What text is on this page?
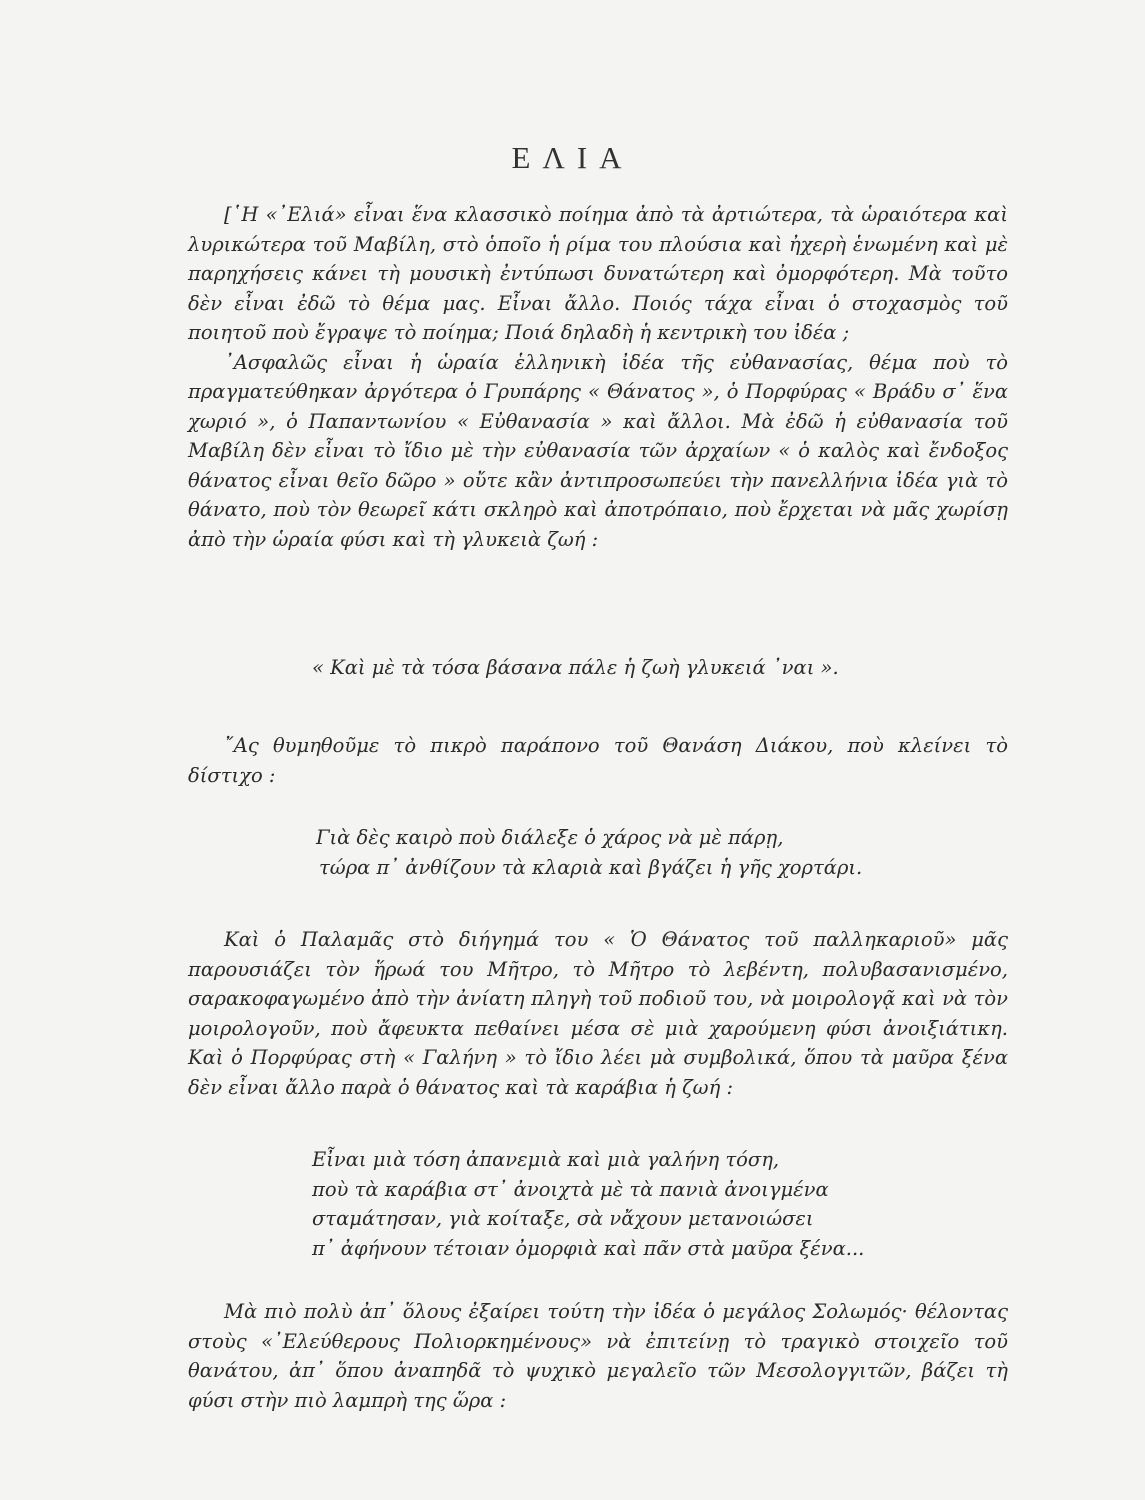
ΕΛΙΑ

[῾Η «᾿Ελιά» εἶναι ἕνα κλασσικὸ ποίημα ἀπὸ τὰ ἀρτιώτερα, τὰ ὡραιότερα καὶ λυρικώτερα τοῦ Μαβίλη, στὸ ὁποῖο ἡ ρίμα του πλούσια καὶ ἠχερὴ ἑνωμένη καὶ μὲ παρηχήσεις κάνει τὴ μουσικὴ ἐντύπωσι δυνατώτερη καὶ ὀμορφότερη. Μὰ τοῦτο δὲν εἶναι ἐδῶ τὸ θέμα μας. Εἶναι ἄλλο. Ποιός τάχα εἶναι ὁ στοχασμὸς τοῦ ποιητοῦ ποὺ ἔγραψε τὸ ποίημα; Ποιά δηλαδὴ ἡ κεντρικὴ του ἰδέα ;

᾿Ασφαλῶς εἶναι ἡ ὡραία ἑλληνικὴ ἰδέα τῆς εὐθανασίας, θέμα ποὺ τὸ πραγματεύθηκαν ἀργότερα ὁ Γρυπάρης « Θάνατος », ὁ Πορφύρας « Βράδυ σ᾿ ἕνα χωριό », ὁ Παπαντωνίου « Εὐθανασία » καὶ ἄλλοι. Μὰ ἐδῶ ἡ εὐθανασία τοῦ Μαβίλη δὲν εἶναι τὸ ἴδιο μὲ τὴν εὐθανασία τῶν ἀρχαίων « ὁ καλὸς καὶ ἔνδοξος θάνατος εἶναι θεῖο δῶρο » οὔτε κἂν ἀντιπροσωπεύει τὴν πανελλήνια ἰδέα γιὰ τὸ θάνατο, ποὺ τὸν θεωρεῖ κάτι σκληρὸ καὶ ἀποτρόπαιο, ποὺ ἔρχεται νὰ μᾶς χωρίσῃ ἀπὸ τὴν ὡραία φύσι καὶ τὴ γλυκειὰ ζωή :

« Καὶ μὲ τὰ τόσα βάσανα πάλε ἡ ζωὴ γλυκειά ᾿ναι ».

῎Ας θυμηθοῦμε τὸ πικρὸ παράπονο τοῦ Θανάση Διάκου, ποὺ κλείνει τὸ δίστιχο :

Γιὰ δὲς καιρὸ ποὺ διάλεξε ὁ χάρος νὰ μὲ πάρῃ,
τώρα π᾿ ἀνθίζουν τὰ κλαριὰ καὶ βγάζει ἡ γῆς χορτάρι.

Καὶ ὁ Παλαμᾶς στὸ διήγημά του « Ὁ Θάνατος τοῦ παλληκαριοῦ» μᾶς παρουσιάζει τὸν ἥρωά του Μῆτρο, τὸ Μῆτρο τὸ λεβέντη, πολυβασανισμένο, σαρακοφαγωμένο ἀπὸ τὴν ἀνίατη πληγὴ τοῦ ποδιοῦ του, νὰ μοιρολογᾷ καὶ νὰ τὸν μοιρολογοῦν, ποὺ ἄφευκτα πεθαίνει μέσα σὲ μιὰ χαρούμενη φύσι ἀνοιξιάτικη. Καὶ ὁ Πορφύρας στὴ « Γαλήνη » τὸ ἴδιο λέει μὰ συμβολικά, ὅπου τὰ μαῦρα ξένα δὲν εἶναι ἄλλο παρὰ ὁ θάνατος καὶ τὰ καράβια ἡ ζωή :

Εἶναι μιὰ τόση ἀπανεμιὰ καὶ μιὰ γαλήνη τόση,
ποὺ τὰ καράβια στ᾿ ἀνοιχτὰ μὲ τὰ πανιὰ ἀνοιγμένα
σταμάτησαν, γιὰ κοίταξε, σὰ νἄχουν μετανοιώσει
π᾿ ἀφήνουν τέτοιαν ὀμορφιὰ καὶ πᾶν στὰ μαῦρα ξένα...

Μὰ πιὸ πολὺ ἀπ᾿ ὅλους ἐξαίρει τούτη τὴν ἰδέα ὁ μεγάλος Σολωμός· θέλοντας στοὺς «᾿Ελεύθερους Πολιορκημένους» νὰ ἐπιτείνῃ τὸ τραγικὸ στοιχεῖο τοῦ θανάτου, ἀπ᾿ ὅπου ἀναπηδᾶ τὸ ψυχικὸ μεγαλεῖο τῶν Μεσολογγιτῶν, βάζει τὴ φύσι στὴν πιὸ λαμπρὴ της ὥρα :
